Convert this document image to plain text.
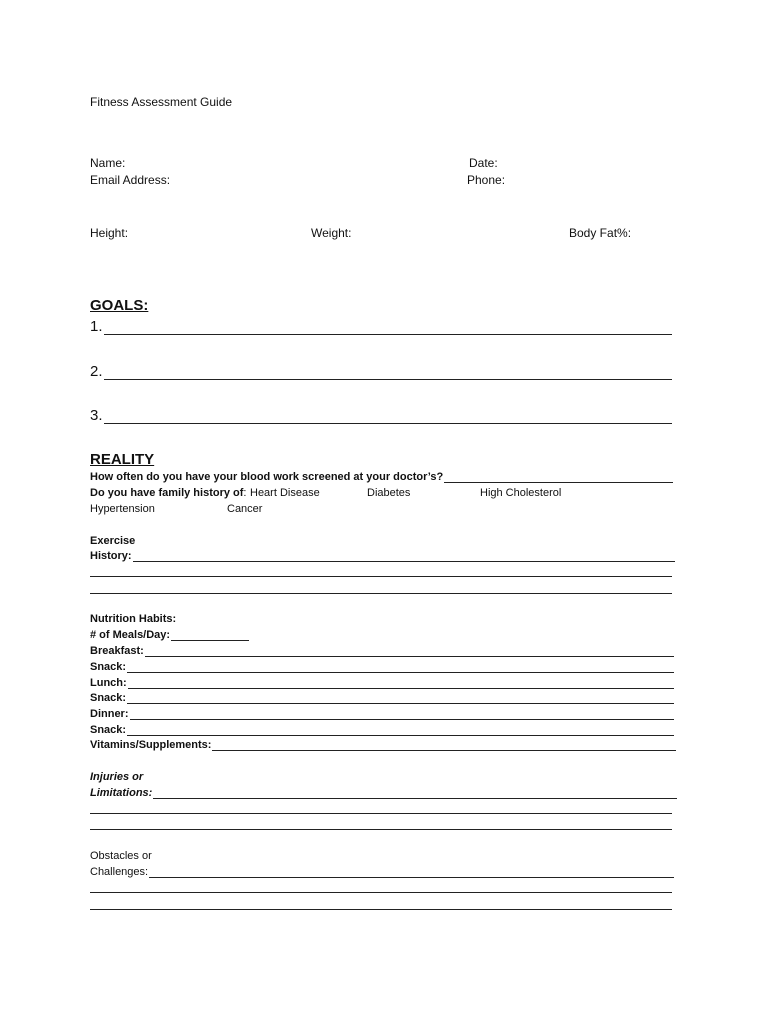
Fitness Assessment Guide
Name:	Date:
Email Address:	Phone:
Height:	Weight:	Body Fat%:
GOALS:
1.
2.
3.
REALITY
How often do you have your blood work screened at your doctor’s?
Do you have family history of: Heart Disease	Diabetes	High Cholesterol
Hypertension	Cancer
Exercise
History:
Nutrition Habits:
# of Meals/Day:
Breakfast:
Snack:
Lunch:
Snack:
Dinner:
Snack:
Vitamins/Supplements:
Injuries or
Limitations:
Obstacles or
Challenges:
